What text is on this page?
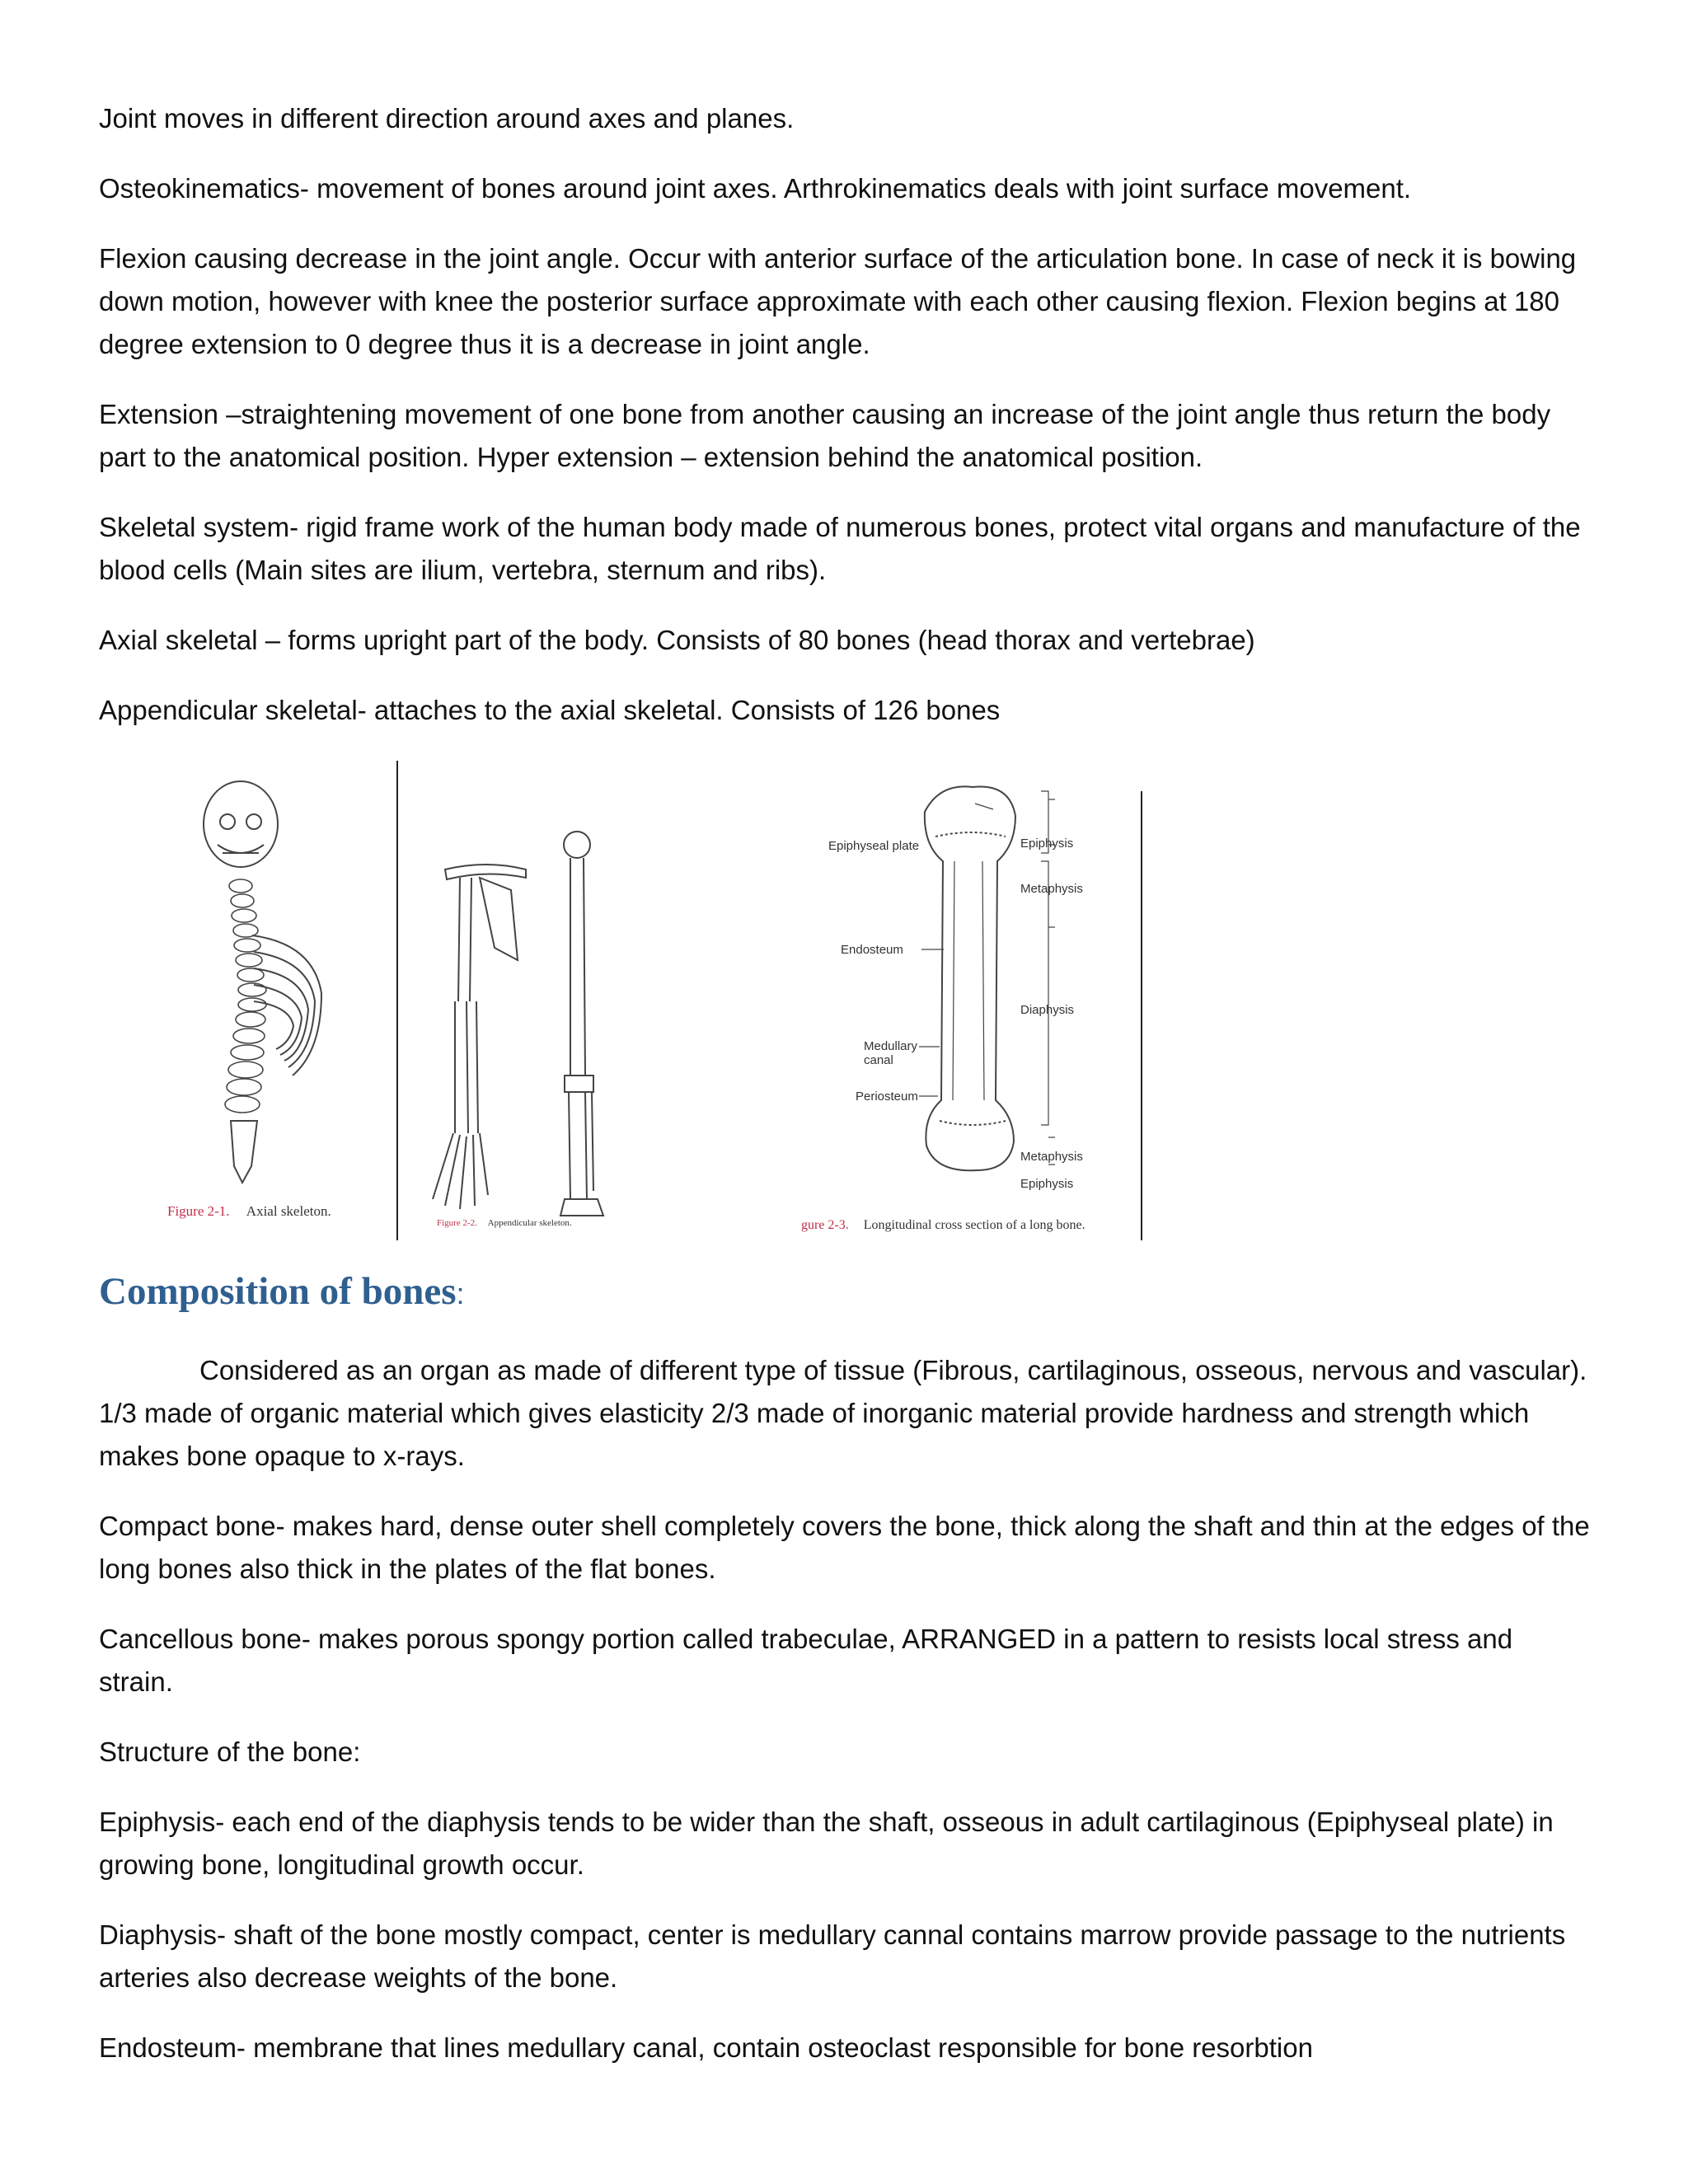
Joint moves in different direction around axes and planes.

Osteokinematics- movement of bones around joint axes. Arthrokinematics deals with joint surface movement.

Flexion causing decrease in the joint angle. Occur with anterior surface of the articulation bone. In case of neck it is bowing down motion, however with knee the posterior surface approximate with each other causing flexion. Flexion begins at 180 degree extension to 0 degree thus it is a decrease in joint angle.

Extension –straightening movement of one bone from another causing an increase of the joint angle thus return the body part to the anatomical position. Hyper extension – extension behind the anatomical position.

Skeletal system- rigid frame work of the human body made of numerous bones, protect vital organs and manufacture of the blood cells (Main sites are ilium, vertebra, sternum and ribs).

Axial skeletal – forms upright part of the body. Consists of 80 bones (head thorax and vertebrae)

Appendicular skeletal- attaches to the axial skeletal. Consists of 126 bones

Epiphyseal plate
Endosteum
Medullary canal
Periosteum
Epiphysis
Metaphysis
Diaphysis
Metaphysis
Epiphysis
Figure 2-1. Axial skeleton.
Figure 2-2. Appendicular skeleton.	gure 2-3. Longitudinal cross section of a long bone.
Composition of bones:

Considered as an organ as made of different type of tissue (Fibrous, cartilaginous, osseous, nervous and vascular). 1/3 made of organic material which gives elasticity 2/3 made of inorganic material provide hardness and strength which makes bone opaque to x-rays.

Compact bone- makes hard, dense outer shell completely covers the bone, thick along the shaft and thin at the edges of the long bones also thick in the plates of the flat bones.

Cancellous bone- makes porous spongy portion called trabeculae, ARRANGED in a pattern to resists local stress and strain.

Structure of the bone:

Epiphysis- each end of the diaphysis tends to be wider than the shaft, osseous in adult cartilaginous (Epiphyseal plate) in growing bone, longitudinal growth occur.

Diaphysis- shaft of the bone mostly compact, center is medullary cannal contains marrow provide passage to the nutrients arteries also decrease weights of the bone.

Endosteum- membrane that lines medullary canal, contain osteoclast responsible for bone resorbtion
